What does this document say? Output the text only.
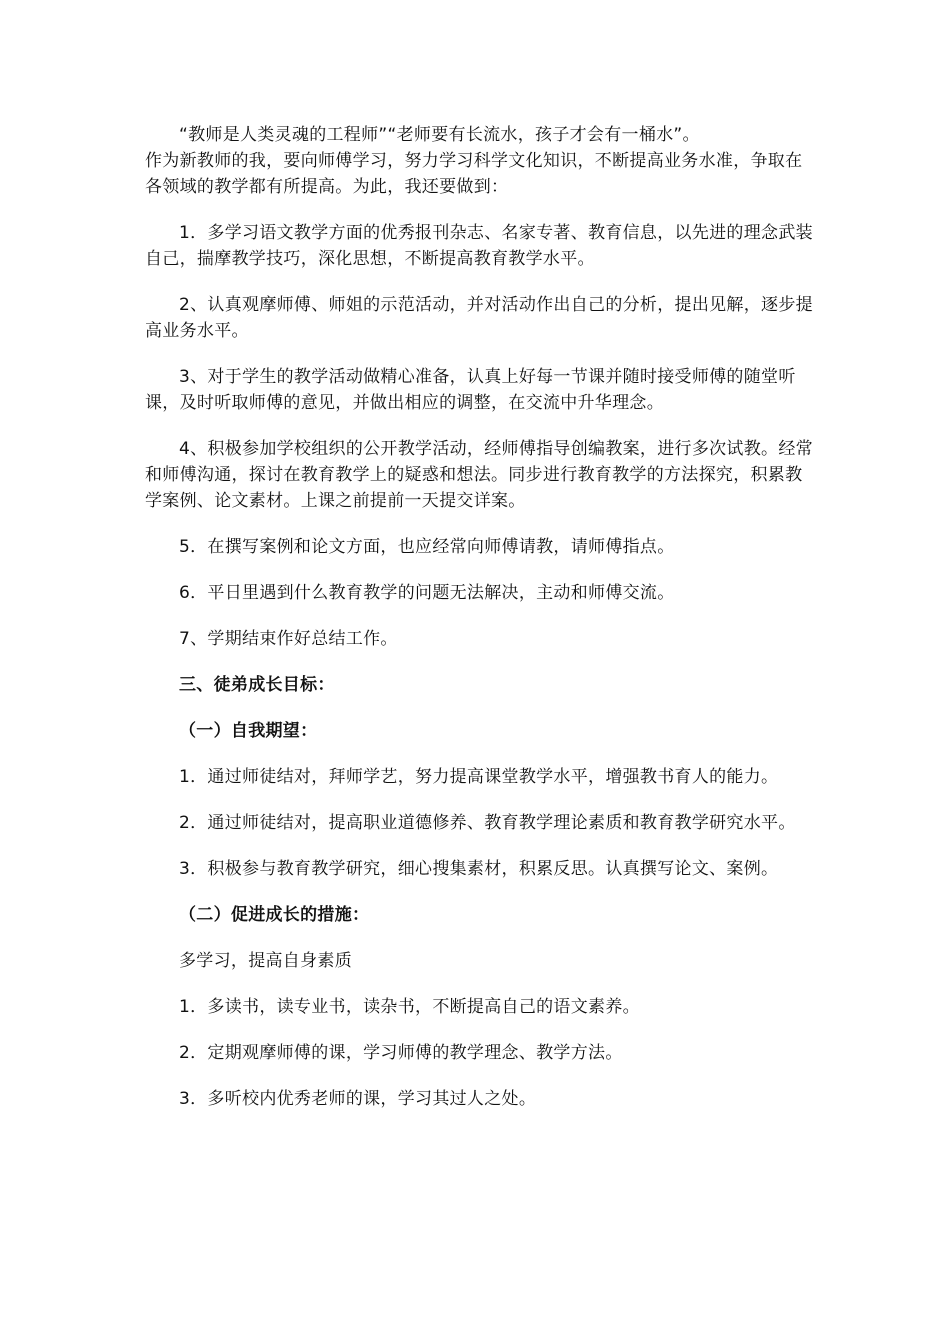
“教师是人类灵魂的工程师”“老师要有长流水，孩子才会有一桶水”。
作为新教师的我，要向师傅学习，努力学习科学文化知识，不断提高业务水准，争取在各领域的教学都有所提高。为此，我还要做到：

1．多学习语文教学方面的优秀报刊杂志、名家专著、教育信息，以先进的理念武装自己，揣摩教学技巧，深化思想，不断提高教育教学水平。

2、认真观摩师傅、师姐的示范活动，并对活动作出自己的分析，提出见解，逐步提高业务水平。

3、对于学生的教学活动做精心准备，认真上好每一节课并随时接受师傅的随堂听课，及时听取师傅的意见，并做出相应的调整，在交流中升华理念。

4、积极参加学校组织的公开教学活动，经师傅指导创编教案，进行多次试教。经常和师傅沟通，探讨在教育教学上的疑惑和想法。同步进行教育教学的方法探究，积累教学案例、论文素材。上课之前提前一天提交详案。

5．在撰写案例和论文方面，也应经常向师傅请教，请师傅指点。

6．平日里遇到什么教育教学的问题无法解决，主动和师傅交流。

7、学期结束作好总结工作。

三、徒弟成长目标：

（一）自我期望：

1．通过师徒结对，拜师学艺，努力提高课堂教学水平，增强教书育人的能力。

2．通过师徒结对，提高职业道德修养、教育教学理论素质和教育教学研究水平。

3．积极参与教育教学研究，细心搜集素材，积累反思。认真撰写论文、案例。

（二）促进成长的措施：

多学习，提高自身素质

1．多读书，读专业书，读杂书，不断提高自己的语文素养。

2．定期观摩师傅的课，学习师傅的教学理念、教学方法。

3．多听校内优秀老师的课，学习其过人之处。
